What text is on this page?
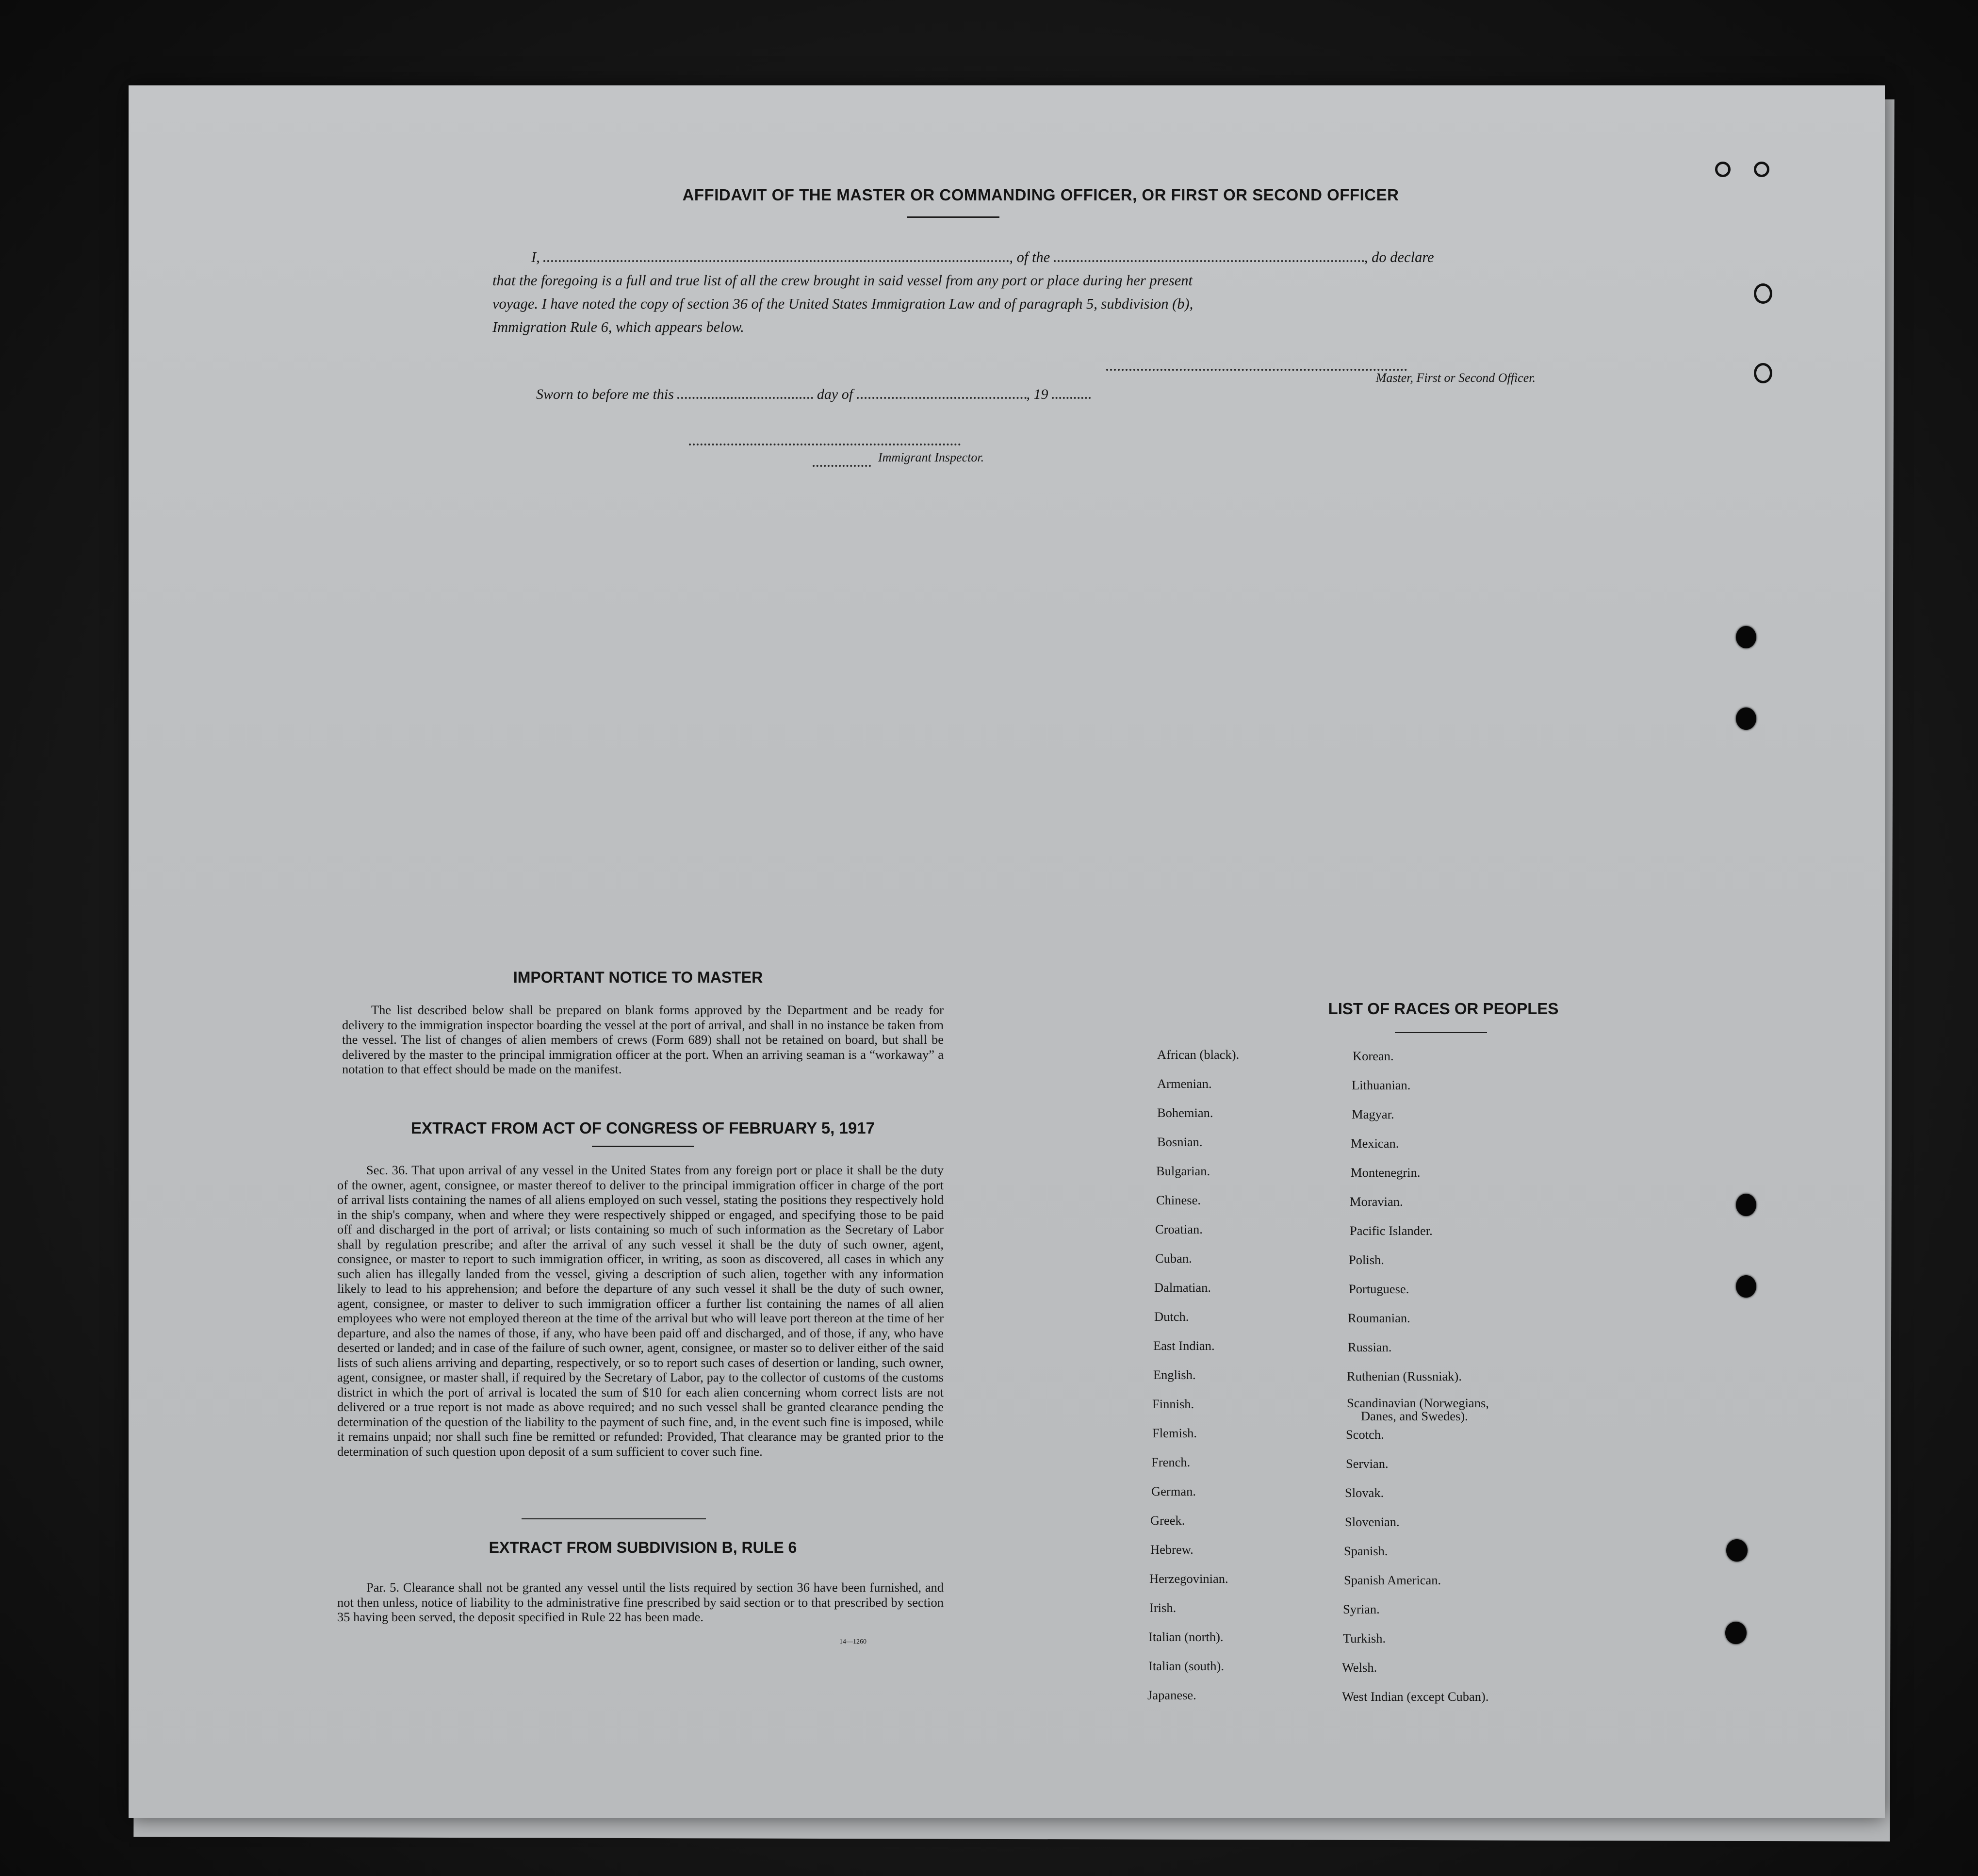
AFFIDAVIT OF THE MASTER OR COMMANDING OFFICER, OR FIRST OR SECOND OFFICER

I,	, of the	, do declare

that the foregoing is a full and true list of all the crew brought in said vessel from any port or place during her present

voyage. I have noted the copy of section 36 of the United States Immigration Law and of paragraph 5, subdivision (b),

Immigration Rule 6, which appears below.

Master, First or Second Officer.
Sworn to before me this	day of	, 19
Immigrant Inspector.
IMPORTANT NOTICE TO MASTER

The list described below shall be prepared on blank forms approved by the Department and be ready for delivery to the immigration inspector boarding the vessel at the port of arrival, and shall in no instance be taken from the vessel. The list of changes of alien members of crews (Form 689) shall not be retained on board, but shall be delivered by the master to the principal immigration officer at the port. When an arriving seaman is a “workaway” a notation to that effect should be made on the manifest.

EXTRACT FROM ACT OF CONGRESS OF FEBRUARY 5, 1917

Sec. 36. That upon arrival of any vessel in the United States from any foreign port or place it shall be the duty of the owner, agent, consignee, or master thereof to deliver to the principal immigration officer in charge of the port of arrival lists containing the names of all aliens employed on such vessel, stating the positions they respectively hold in the ship's company, when and where they were respectively shipped or engaged, and specifying those to be paid off and discharged in the port of arrival; or lists containing so much of such information as the Secretary of Labor shall by regulation prescribe; and after the arrival of any such vessel it shall be the duty of such owner, agent, consignee, or master to report to such immigration officer, in writing, as soon as discovered, all cases in which any such alien has illegally landed from the vessel, giving a description of such alien, together with any information likely to lead to his apprehension; and before the departure of any such vessel it shall be the duty of such owner, agent, consignee, or master to deliver to such immigration officer a further list containing the names of all alien employees who were not employed thereon at the time of the arrival but who will leave port thereon at the time of her departure, and also the names of those, if any, who have been paid off and discharged, and of those, if any, who have deserted or landed; and in case of the failure of such owner, agent, consignee, or master so to deliver either of the said lists of such aliens arriving and departing, respectively, or so to report such cases of desertion or landing, such owner, agent, consignee, or master shall, if required by the Secretary of Labor, pay to the collector of customs of the customs district in which the port of arrival is located the sum of $10 for each alien concerning whom correct lists are not delivered or a true report is not made as above required; and no such vessel shall be granted clearance pending the determination of the question of the liability to the payment of such fine, and, in the event such fine is imposed, while it remains unpaid; nor shall such fine be remitted or refunded: Provided, That clearance may be granted prior to the determination of such question upon deposit of a sum sufficient to cover such fine.

EXTRACT FROM SUBDIVISION B, RULE 6

Par. 5. Clearance shall not be granted any vessel until the lists required by section 36 have been furnished, and not then unless, notice of liability to the administrative fine prescribed by said section or to that prescribed by section 35 having been served, the deposit specified in Rule 22 has been made.

14—1260
LIST OF RACES OR PEOPLES
African (black).
Armenian.
Bohemian.
Bosnian.
Bulgarian.
Chinese.
Croatian.
Cuban.
Dalmatian.
Dutch.
East Indian.
English.
Finnish.
Flemish.
French.
German.
Greek.
Hebrew.
Herzegovinian.
Irish.
Italian (north).
Italian (south).
Japanese.
Korean.
Lithuanian.
Magyar.
Mexican.
Montenegrin.
Moravian.
Pacific Islander.
Polish.
Portuguese.
Roumanian.
Russian.
Ruthenian (Russniak).
Scandinavian (Norwegians,
Danes, and Swedes).
Scotch.
Servian.
Slovak.
Slovenian.
Spanish.
Spanish American.
Syrian.
Turkish.
Welsh.
West Indian (except Cuban).
